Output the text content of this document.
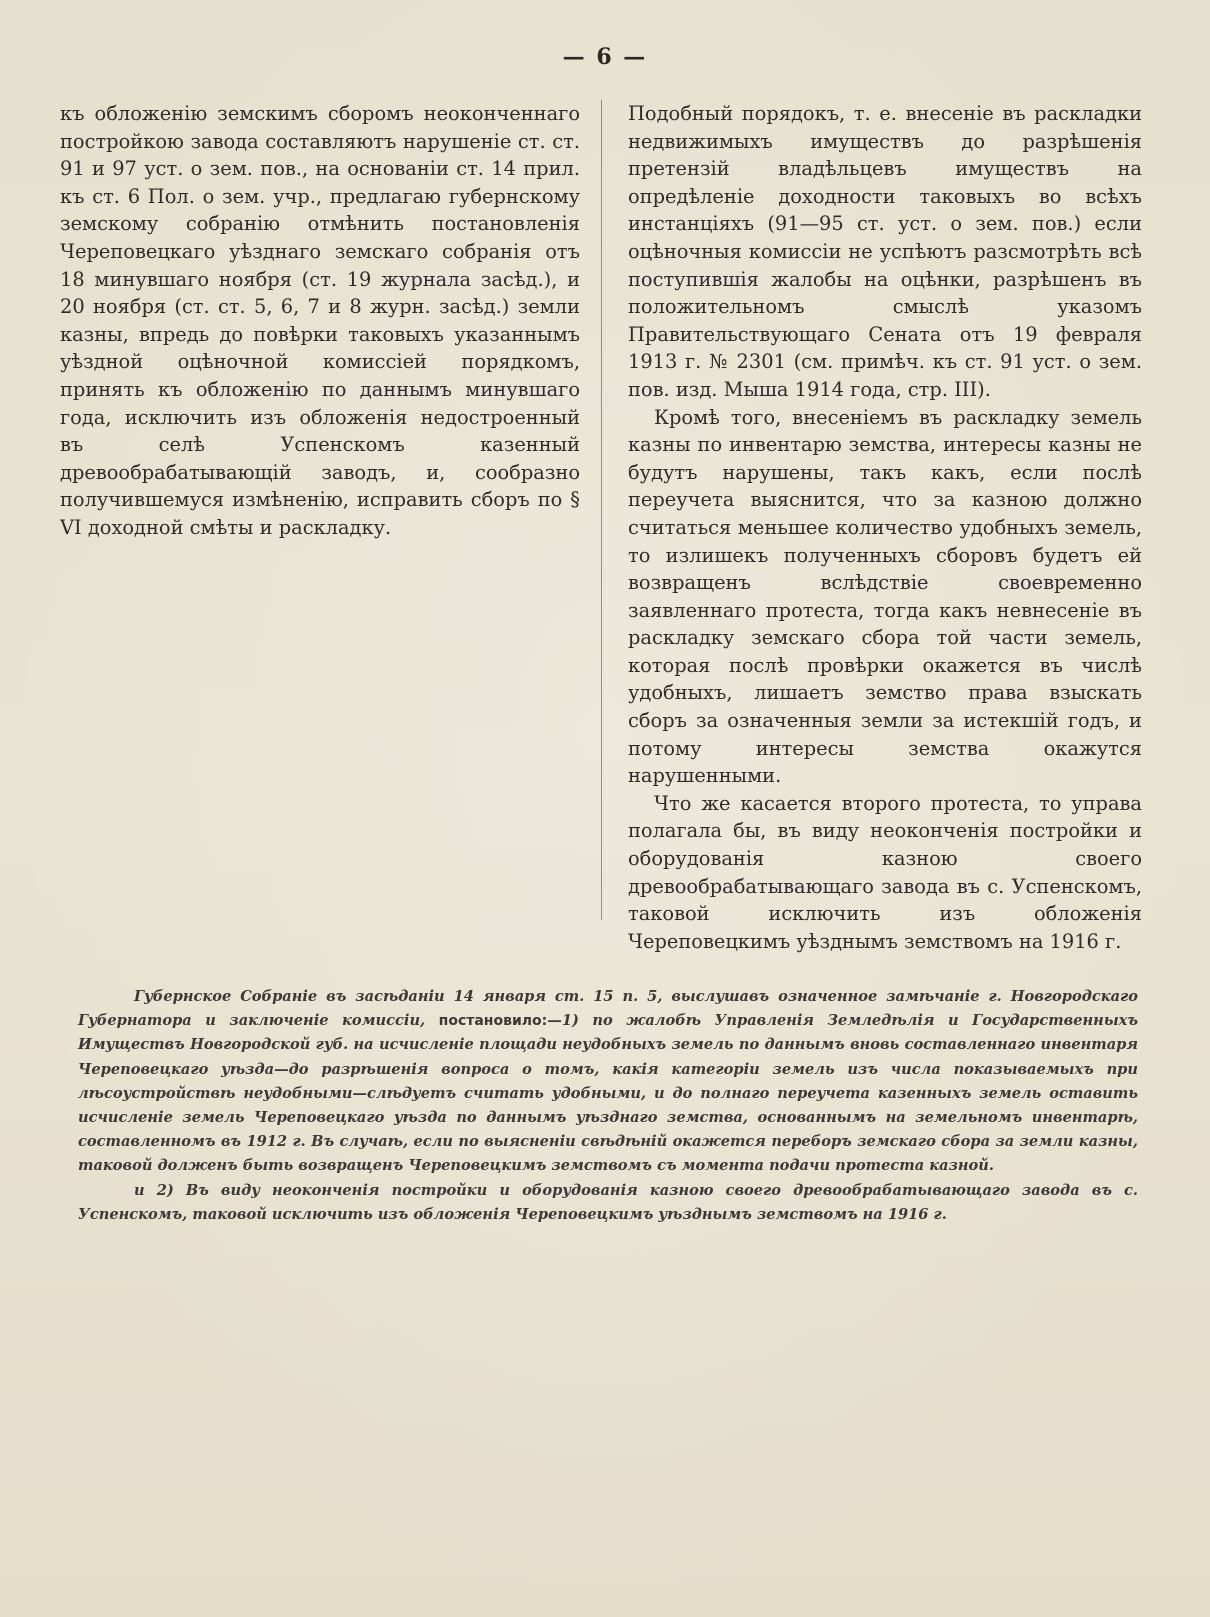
— 6 —

къ обложенію земскимъ сборомъ неоконченнаго постройкою завода составляютъ нарушеніе ст. ст. 91 и 97 уст. о зем. пов., на основаніи ст. 14 прил. къ ст. 6 Пол. о зем. учр., предлагаю губернскому земскому собранію отмѣнить постановленія Череповецкаго уѣзднаго земскаго собранія отъ 18 минувшаго ноября (ст. 19 журнала засѣд.), и 20 ноября (ст. ст. 5, 6, 7 и 8 журн. засѣд.) земли казны, впредь до повѣрки таковыхъ указаннымъ уѣздной оцѣночной комиссіей порядкомъ, принять къ обложенію по даннымъ минувшаго года, исключить изъ обложенія недостроенный въ селѣ Успенскомъ казенный древообрабатывающій заводъ, и, сообразно получившемуся измѣненію, исправить сборъ по § VI доходной смѣты и раскладку.

Подобный порядокъ, т. е. внесеніе въ раскладки недвижимыхъ имуществъ до разрѣшенія претензій владѣльцевъ имуществъ на опредѣленіе доходности таковыхъ во всѣхъ инстанціяхъ (91—95 ст. уст. о зем. пов.) если оцѣночныя комиссіи не успѣютъ разсмотрѣть всѣ поступившія жалобы на оцѣнки, разрѣшенъ въ положительномъ смыслѣ указомъ Правительствующаго Сената отъ 19 февраля 1913 г. № 2301 (см. примѣч. къ ст. 91 уст. о зем. пов. изд. Мыша 1914 года, стр. III).

Кромѣ того, внесеніемъ въ раскладку земель казны по инвентарю земства, интересы казны не будутъ нарушены, такъ какъ, если послѣ переучета выяснится, что за казною должно считаться меньшее количество удобныхъ земель, то излишекъ полученныхъ сборовъ будетъ ей возвращенъ вслѣдствіе своевременно заявленнаго протеста, тогда какъ невнесеніе въ раскладку земскаго сбора той части земель, которая послѣ провѣрки окажется въ числѣ удобныхъ, лишаетъ земство права взыскать сборъ за означенныя земли за истекшій годъ, и потому интересы земства окажутся нарушенными.

Что же касается второго протеста, то управа полагала бы, въ виду неоконченія постройки и оборудованія казною своего древообрабатывающаго завода въ с. Успенскомъ, таковой исключить изъ обложенія Череповецкимъ уѣзднымъ земствомъ на 1916 г.

Губернское Собраніе въ засѣданіи 14 января ст. 15 п. 5, выслушавъ означенное замѣчаніе г. Новгородскаго Губернатора и заключеніе комиссіи, постановило:—1) по жалобѣ Управленія Земледѣлія и Государственныхъ Имуществъ Новгородской губ. на исчисленіе площади неудобныхъ земель по даннымъ вновь составленнаго инвентаря Череповецкаго уѣзда—до разрѣшенія вопроса о томъ, какія категоріи земель изъ числа показываемыхъ при лѣсоустройствѣ неудобными—слѣдуетъ считать удобными, и до полнаго переучета казенныхъ земель оставить исчисленіе земель Череповецкаго уѣзда по даннымъ уѣзднаго земства, основаннымъ на земельномъ инвентарѣ, составленномъ въ 1912 г. Въ случаѣ, если по выясненіи свѣдѣній окажется переборъ земскаго сбора за земли казны, таковой долженъ быть возвращенъ Череповецкимъ земствомъ съ момента подачи протеста казной.

и 2) Въ виду неоконченія постройки и оборудованія казною своего древообрабатывающаго завода въ с. Успенскомъ, таковой исключить изъ обложенія Череповецкимъ уѣзднымъ земствомъ на 1916 г.
